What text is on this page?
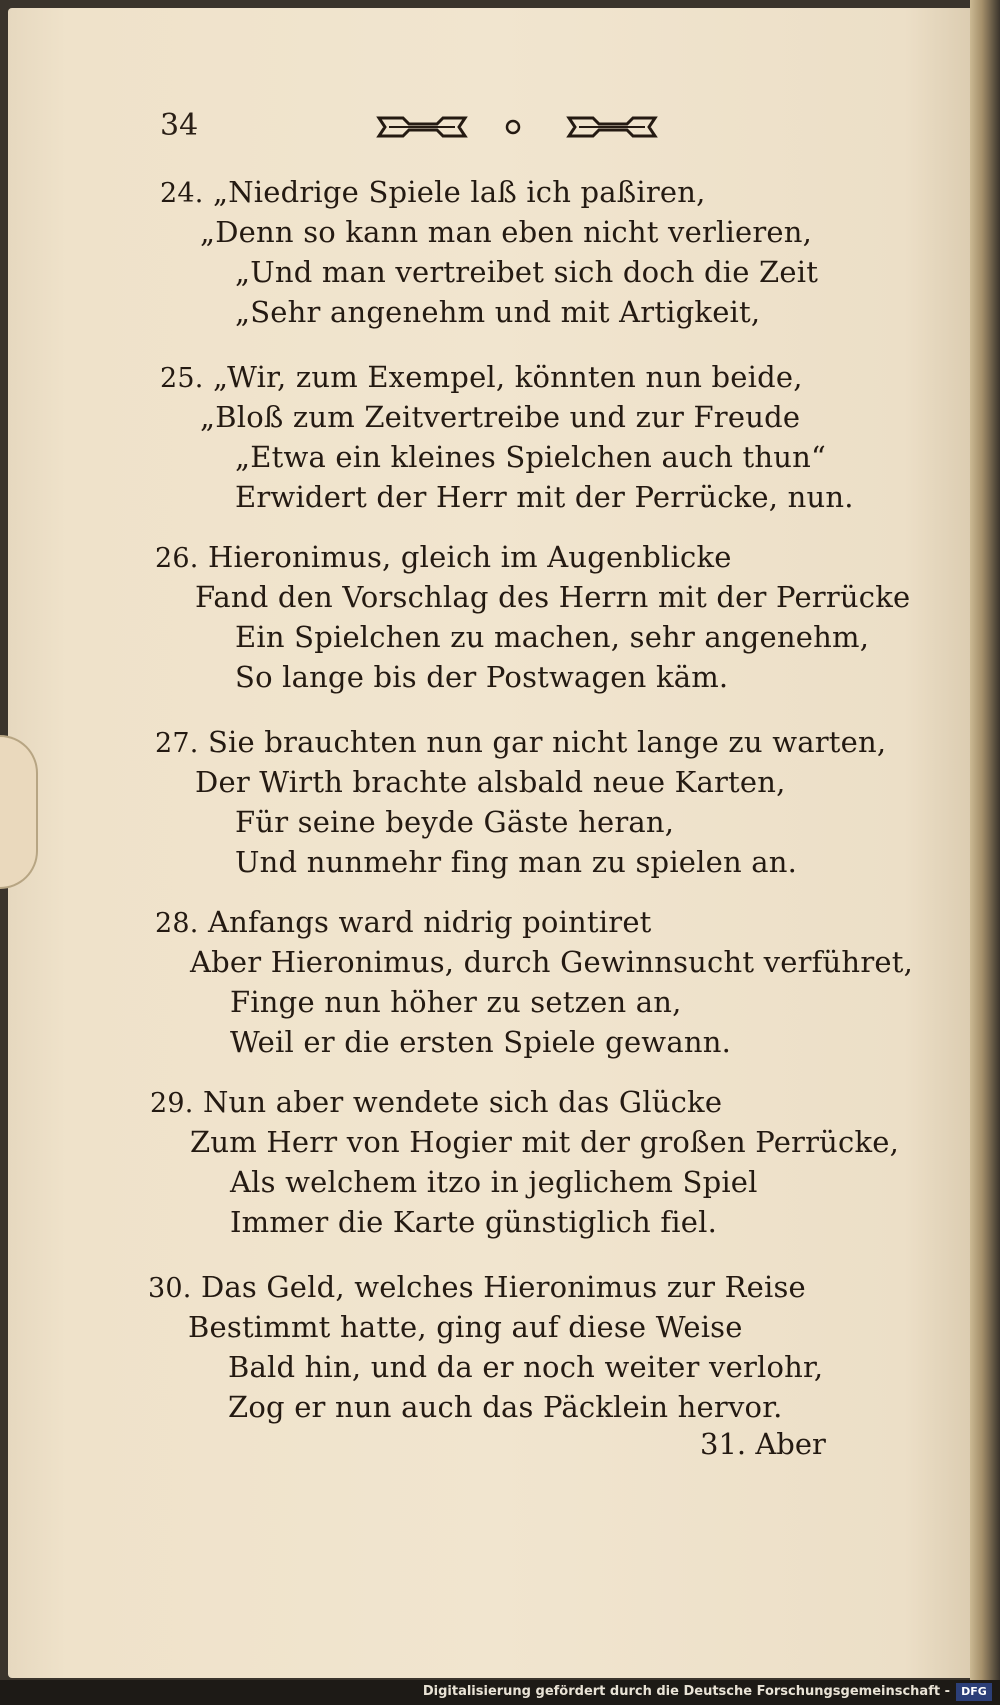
34
24. „Niedrige Spiele laß ich paßiren,
„Denn so kann man eben nicht verlieren,
„Und man vertreibet sich doch die Zeit
„Sehr angenehm und mit Artigkeit,
25. „Wir, zum Exempel, könnten nun beide,
„Bloß zum Zeitvertreibe und zur Freude
„Etwa ein kleines Spielchen auch thun“
Erwidert der Herr mit der Perrücke, nun.
26. Hieronimus, gleich im Augenblicke
Fand den Vorschlag des Herrn mit der Perrücke
Ein Spielchen zu machen, sehr angenehm,
So lange bis der Postwagen käm.
27. Sie brauchten nun gar nicht lange zu warten,
Der Wirth brachte alsbald neue Karten,
Für seine beyde Gäste heran,
Und nunmehr fing man zu spielen an.
28. Anfangs ward nidrig pointiret
Aber Hieronimus, durch Gewinnsucht verführet,
Finge nun höher zu setzen an,
Weil er die ersten Spiele gewann.
29. Nun aber wendete sich das Glücke
Zum Herr von Hogier mit der großen Perrücke,
Als welchem itzo in jeglichem Spiel
Immer die Karte günstiglich fiel.
30. Das Geld, welches Hieronimus zur Reise
Bestimmt hatte, ging auf diese Weise
Bald hin, und da er noch weiter verlohr,
Zog er nun auch das Päcklein hervor.
31. Aber
Digitalisierung gefördert durch die Deutsche Forschungsgemeinschaft -	DFG
